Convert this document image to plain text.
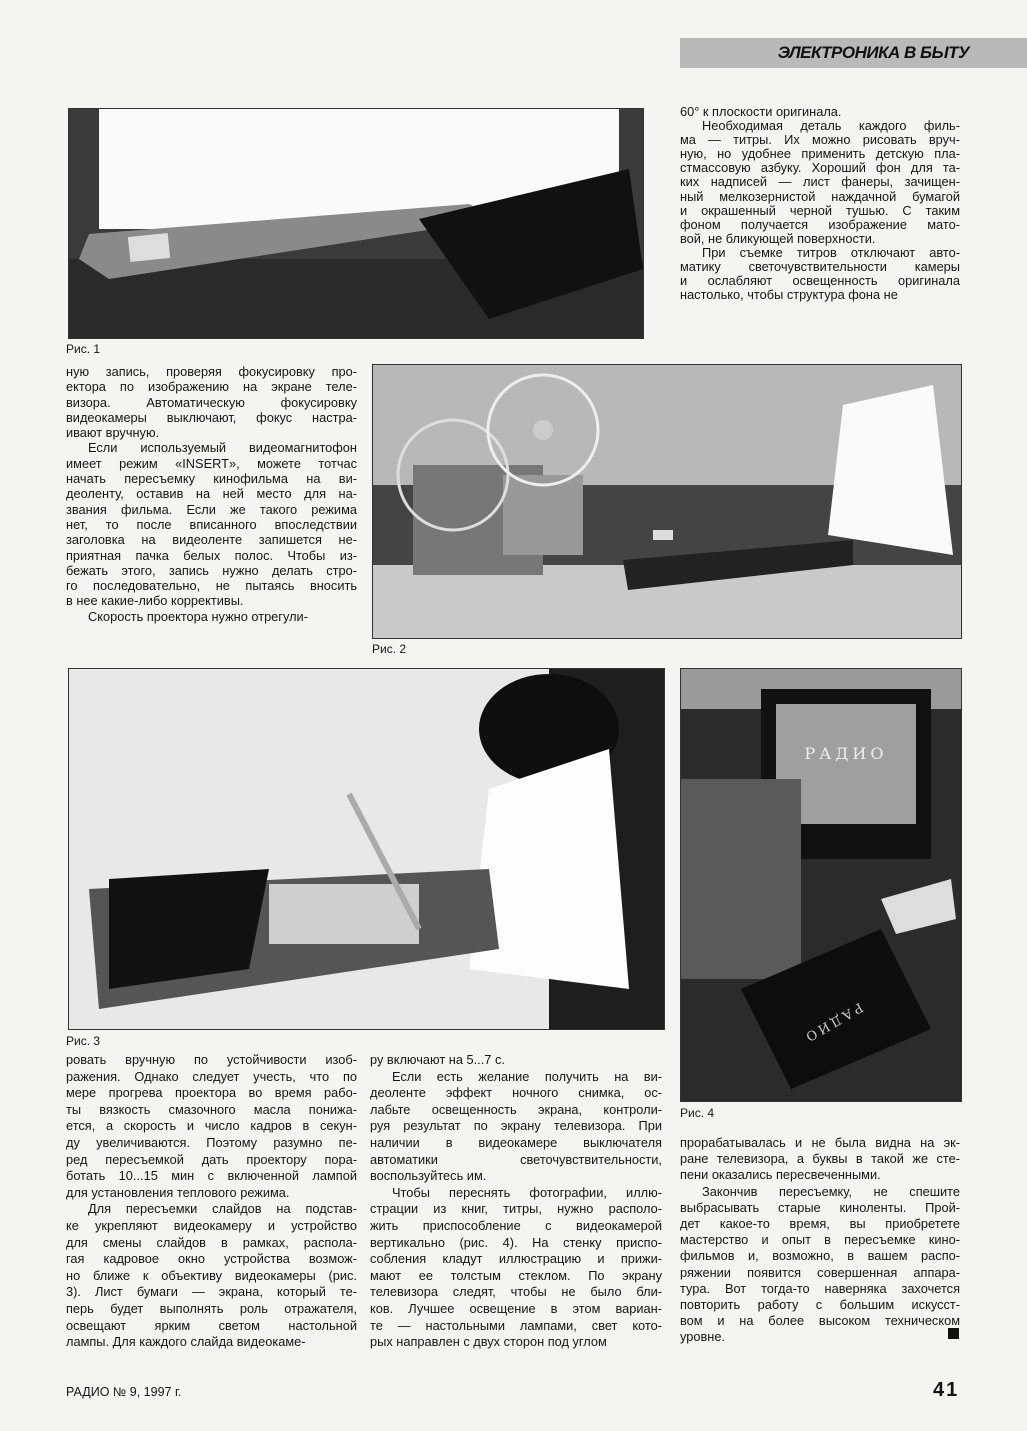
ЭЛЕКТРОНИКА В БЫТУ
Рис. 1
Рис. 2
Рис. 3
РАДИО
РАДИО
Рис. 4
60° к плоскости оригинала.
Необходимая деталь каждого филь-
ма — титры. Их можно рисовать вруч-
ную, но удобнее применить детскую пла-
стмассовую азбуку. Хороший фон для та-
ких надписей — лист фанеры, зачищен-
ный мелкозернистой наждачной бумагой
и окрашенный черной тушью. С таким
фоном получается изображение мато-
вой, не бликующей поверхности.
При съемке титров отключают авто-
матику светочувствительности камеры
и ослабляют освещенность оригинала
настолько, чтобы структура фона не
ную запись, проверяя фокусировку про-
ектора по изображению на экране теле-
визора. Автоматическую фокусировку
видеокамеры выключают, фокус настра-
ивают вручную.
Если используемый видеомагнитофон
имеет режим «INSERT», можете тотчас
начать пересъемку кинофильма на ви-
деоленту, оставив на ней место для на-
звания фильма. Если же такого режима
нет, то после вписанного впоследствии
заголовка на видеоленте запишется не-
приятная пачка белых полос. Чтобы из-
бежать этого, запись нужно делать стро-
го последовательно, не пытаясь вносить
в нее какие-либо коррективы.
Скорость проектора нужно отрегули-
ровать вручную по устойчивости изоб-
ражения. Однако следует учесть, что по
мере прогрева проектора во время рабо-
ты вязкость смазочного масла понижа-
ется, а скорость и число кадров в секун-
ду увеличиваются. Поэтому разумно пе-
ред пересъемкой дать проектору пора-
ботать 10...15 мин с включенной лампой
для установления теплового режима.
Для пересъемки слайдов на подстав-
ке укрепляют видеокамеру и устройство
для смены слайдов в рамках, распола-
гая кадровое окно устройства возмож-
но ближе к объективу видеокамеры (рис.
3). Лист бумаги — экрана, который те-
перь будет выполнять роль отражателя,
освещают ярким светом настольной
лампы. Для каждого слайда видеокаме-
ру включают на 5...7 с.
Если есть желание получить на ви-
деоленте эффект ночного снимка, ос-
лабьте освещенность экрана, контроли-
руя результат по экрану телевизора. При
наличии в видеокамере выключателя
автоматики светочувствительности,
воспользуйтесь им.
Чтобы переснять фотографии, иллю-
страции из книг, титры, нужно располо-
жить приспособление с видеокамерой
вертикально (рис. 4). На стенку приспо-
собления кладут иллюстрацию и прижи-
мают ее толстым стеклом. По экрану
телевизора следят, чтобы не было бли-
ков. Лучшее освещение в этом вариан-
те — настольными лампами, свет кото-
рых направлен с двух сторон под углом
прорабатывалась и не была видна на эк-
ране телевизора, а буквы в такой же сте-
пени оказались пересвеченными.
Закончив пересъемку, не спешите
выбрасывать старые киноленты. Прой-
дет какое-то время, вы приобретете
мастерство и опыт в пересъемке кино-
фильмов и, возможно, в вашем распо-
ряжении появится совершенная аппара-
тура. Вот тогда-то наверняка захочется
повторить работу с большим искусст-
вом и на более высоком техническом
уровне.
РАДИО № 9, 1997 г.	41
